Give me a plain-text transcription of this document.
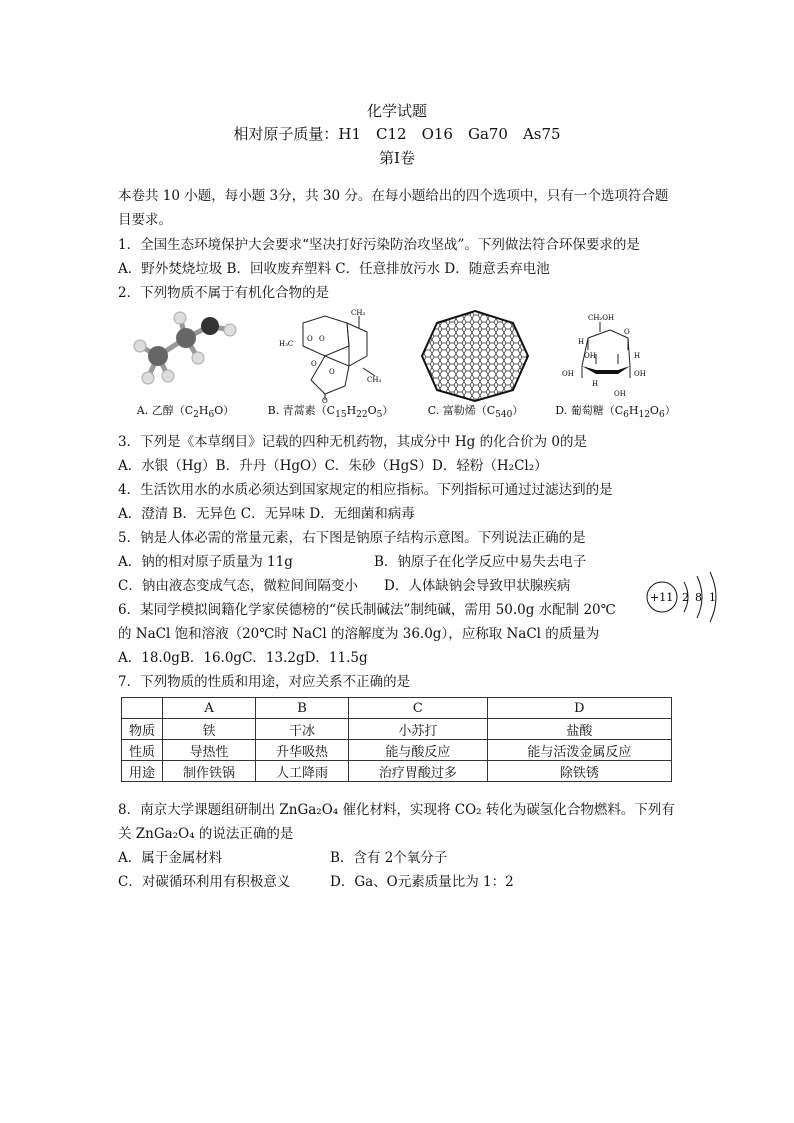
化学试题
相对原子质量：H1　C12　O16　Ga70　As75
第Ⅰ卷
本卷共 10 小题，每小题 3分，共 30 分。在每小题给出的四个选项中，只有一个选项符合题
目要求。
1．全国生态环境保护大会要求“坚决打好污染防治攻坚战”。下列做法符合环保要求的是
A．野外焚烧垃圾 B．回收废弃塑料 C．任意排放污水 D．随意丢弃电池
2．下列物质不属于有机化合物的是
A. 乙醇$(C_2H_6O)$
CH₃
H₃C
CH₃
O O
O
O
O
B. 青蒿素$(C_{15}H_{22}O_5)$	C. 富勒烯$(C_{540})$
CH₂OH
O
H
OH	H
OH	OH
H
OH
D. 葡萄糖$(C_6H_{12}O_6)$
3．下列是《本草纲目》记载的四种无机药物，其成分中 Hg 的化合价为 0的是
A．水银（Hg）B．升丹（HgO）C．朱砂（HgS）D．轻粉（H₂Cl₂）
4．生活饮用水的水质必须达到国家规定的相应指标。下列指标可通过过滤达到的是
A．澄清 B．无异色 C．无异味 D．无细菌和病毒
5．钠是人体必需的常量元素，右下图是钠原子结构示意图。下列说法正确的是
A．钠的相对原子质量为 11g	B．钠原子在化学反应中易失去电子
C．钠由液态变成气态，微粒间间隔变小 D．人体缺钠会导致甲状腺疾病
+11 2 8 1
6．某同学模拟闽籍化学家侯德榜的“侯氏制碱法”制纯碱，需用 50.0g 水配制 20℃
的 NaCl 饱和溶液（20℃时 NaCl 的溶解度为 36.0g），应称取 NaCl 的质量为
A．18.0gB．16.0gC．13.2gD．11.5g
7．下列物质的性质和用途，对应关系不正确的是
	A	B	C	D
物质	铁	干冰	小苏打	盐酸
性质	导热性	升华吸热	能与酸反应	能与活泼金属反应
用途	制作铁锅	人工降雨	治疗胃酸过多	除铁锈
8．南京大学课题组研制出 ZnGa₂O₄ 催化材料，实现将 CO₂ 转化为碳氢化合物燃料。下列有
关 ZnGa₂O₄ 的说法正确的是
A．属于金属材料	B．含有 2个氧分子
C．对碳循环利用有积极意义	D．Ga、O元素质量比为 1：2
